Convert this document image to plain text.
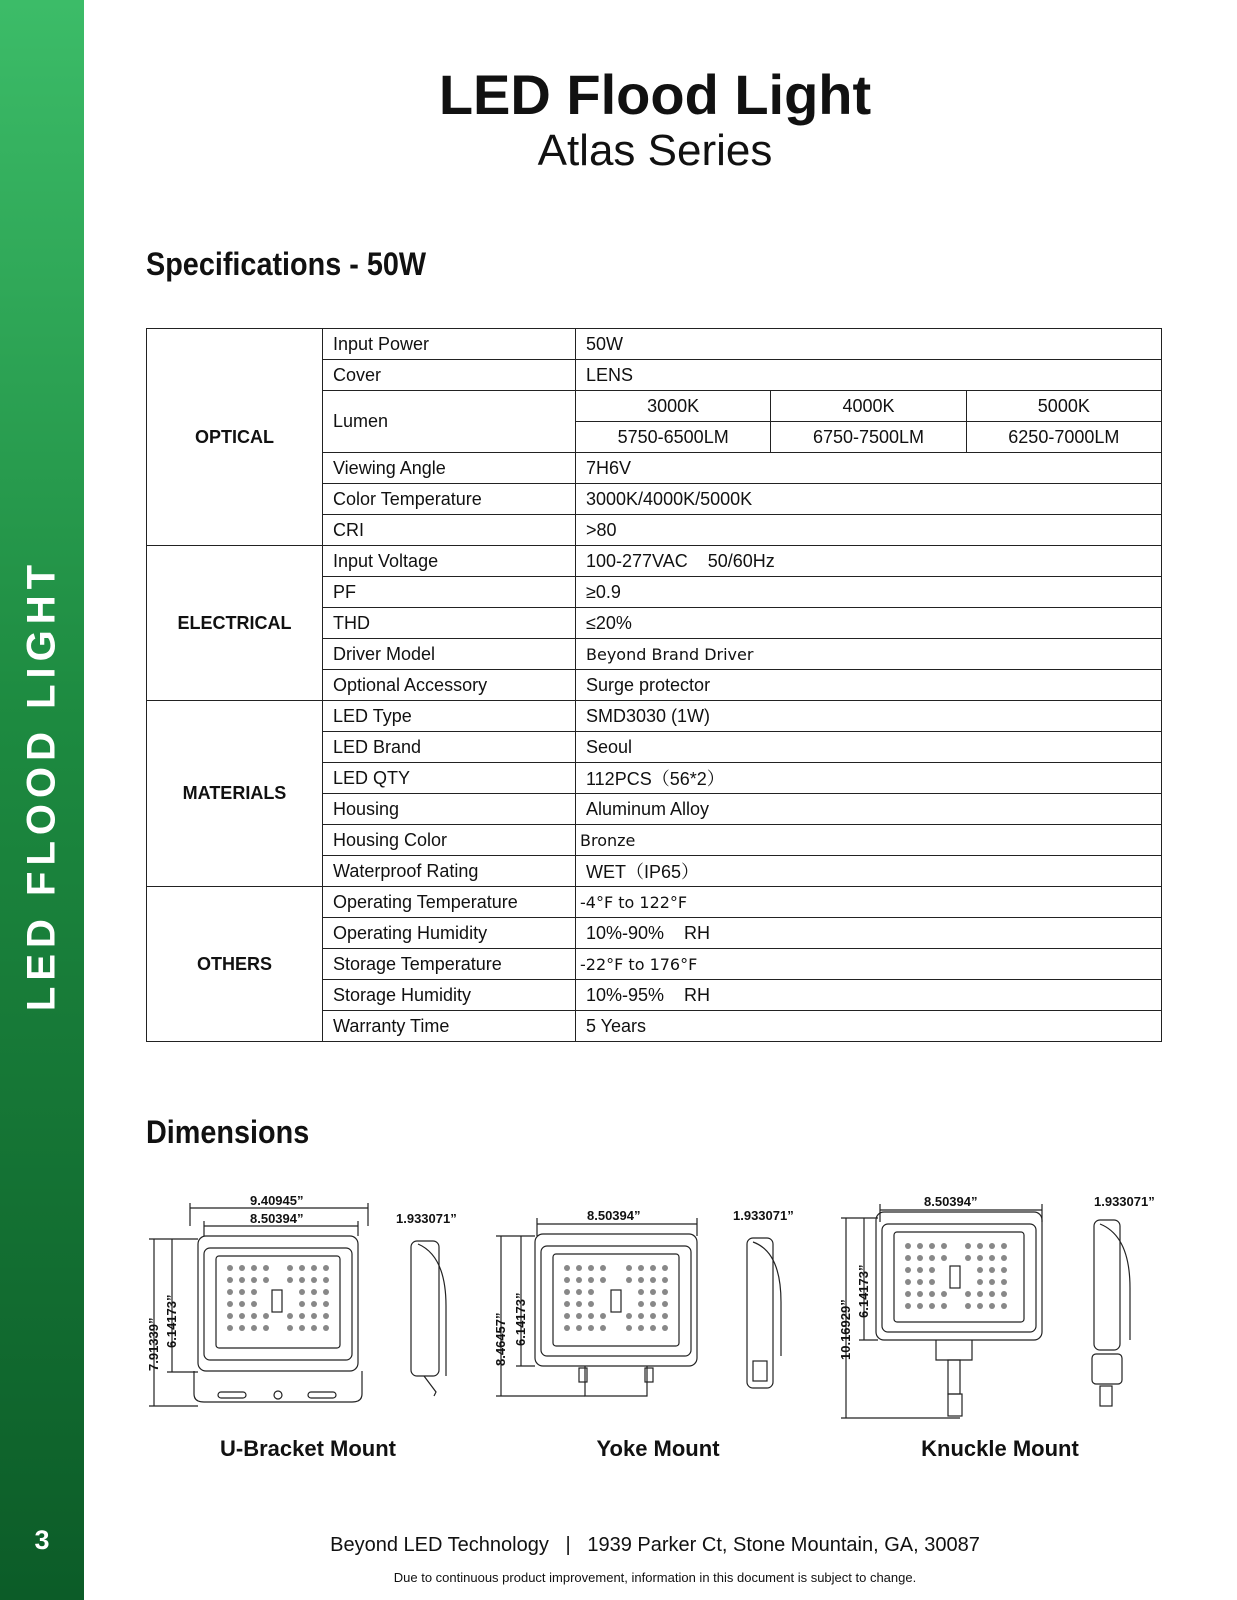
LED FLOOD LIGHT
3
LED Flood Light
Atlas Series
Specifications - 50W
OPTICAL	Input Power	50W		
	Cover	LENS		
	Lumen	3000K	4000K	5000K
		5750-6500LM	6750-7500LM	6250-7000LM
	Viewing Angle	7H6V		
	Color Temperature	3000K/4000K/5000K		
	CRI	>80		
ELECTRICAL	Input Voltage	100-277VAC    50/60Hz		
	PF	≥0.9		
	THD	≤20%		
	Driver Model	Beyond Brand Driver		
	Optional Accessory	Surge protector		
MATERIALS	LED Type	SMD3030 (1W)		
	LED Brand	Seoul		
	LED QTY	112PCS（56*2）		
	Housing	Aluminum Alloy		
	Housing Color	Bronze		
	Waterproof Rating	WET（IP65）		
OTHERS	Operating Temperature	-4°F to 122°F		
	Operating Humidity	10%-90%    RH		
	Storage Temperature	-22°F to 176°F		
	Storage Humidity	10%-95%    RH		
	Warranty Time	5 Years		
Dimensions
9.40945”
8.50394”	1.933071”
7.91339” 6.14173”
8.50394”	1.933071”
8.46457” 6.14173”
8.50394”	1.933071”
10.16929”
6.14173”
U-Bracket Mount	Yoke Mount	Knuckle Mount
Beyond LED Technology   |   1939 Parker Ct, Stone Mountain, GA, 30087
Due to continuous product improvement, information in this document is subject to change.
